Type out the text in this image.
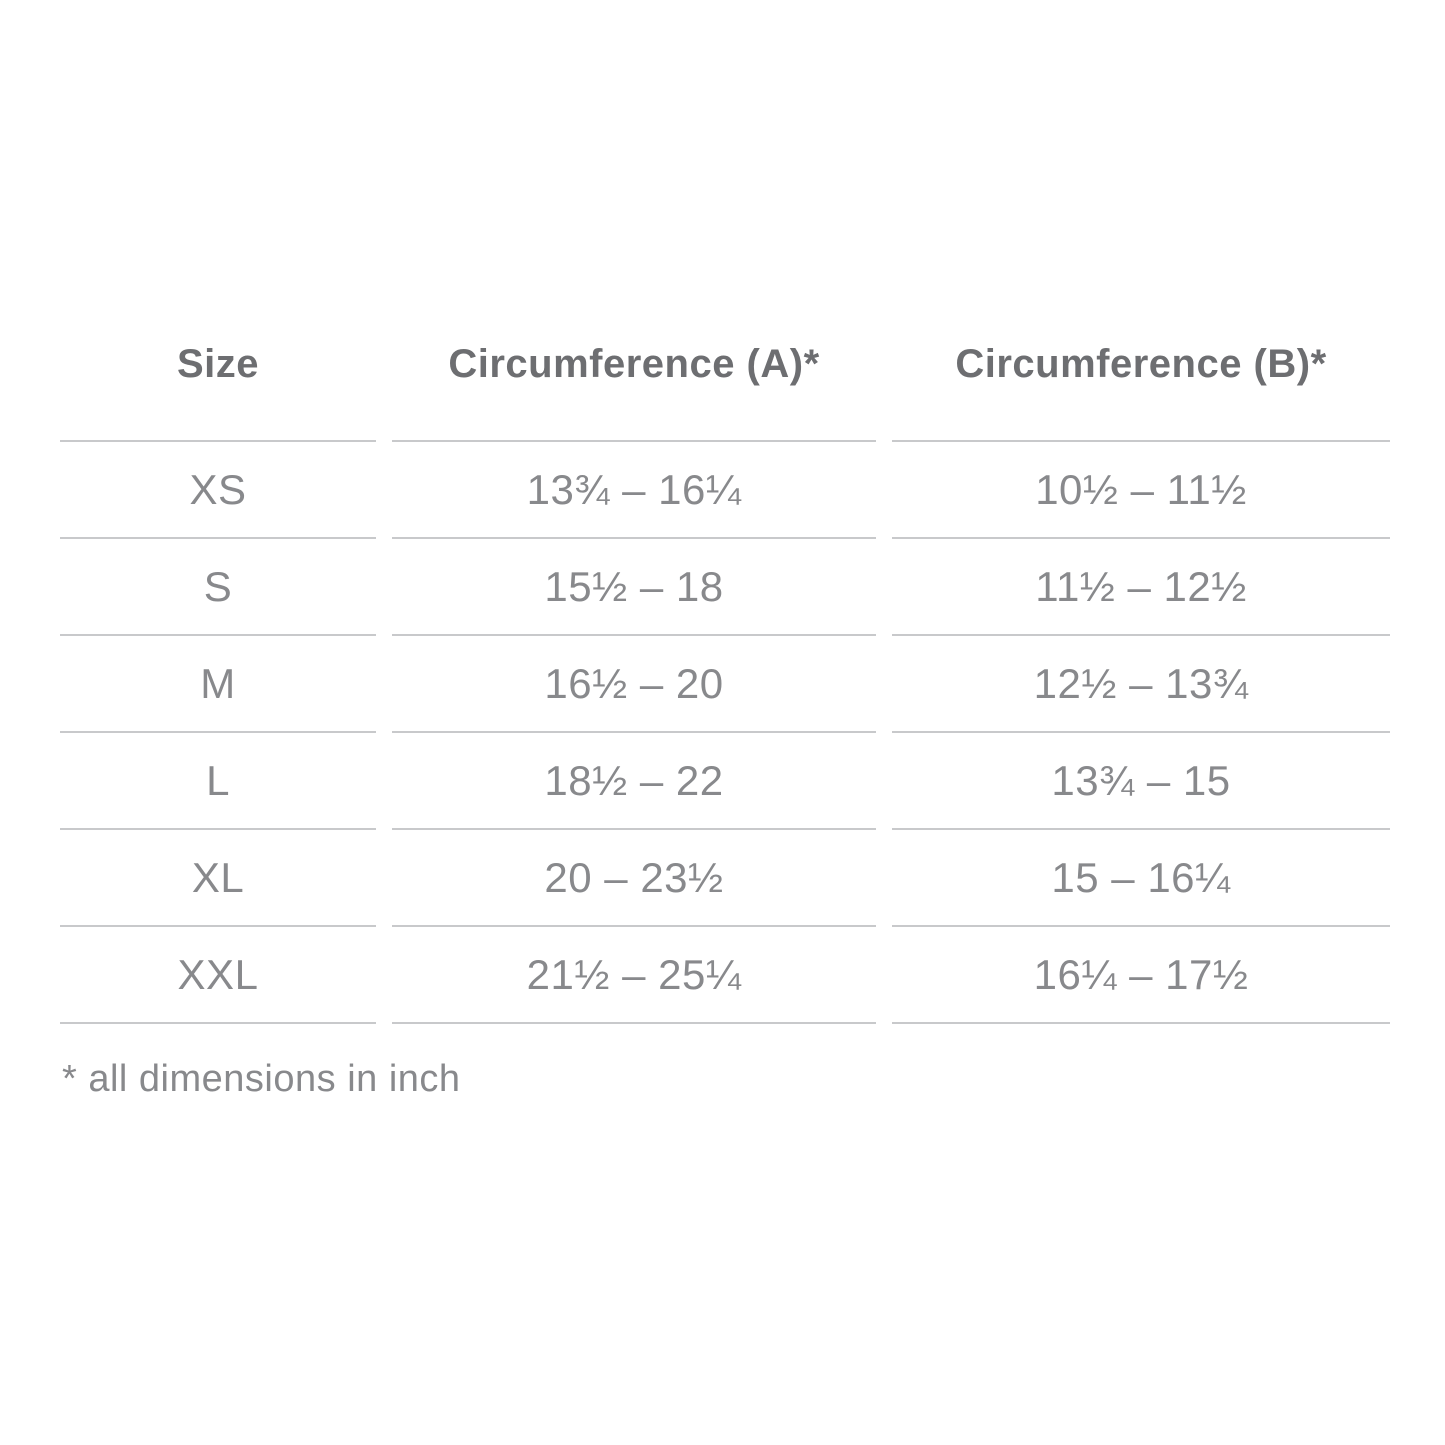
Size	Circumference (A)*	Circumference (B)*
XS	13¾ – 16¼	10½ – 11½
S	15½ – 18	11½ – 12½
M	16½ – 20	12½ – 13¾
L	18½ – 22	13¾ – 15
XL	20 – 23½	15 – 16¼
XXL	21½ – 25¼	16¼ – 17½
* all dimensions in inch
